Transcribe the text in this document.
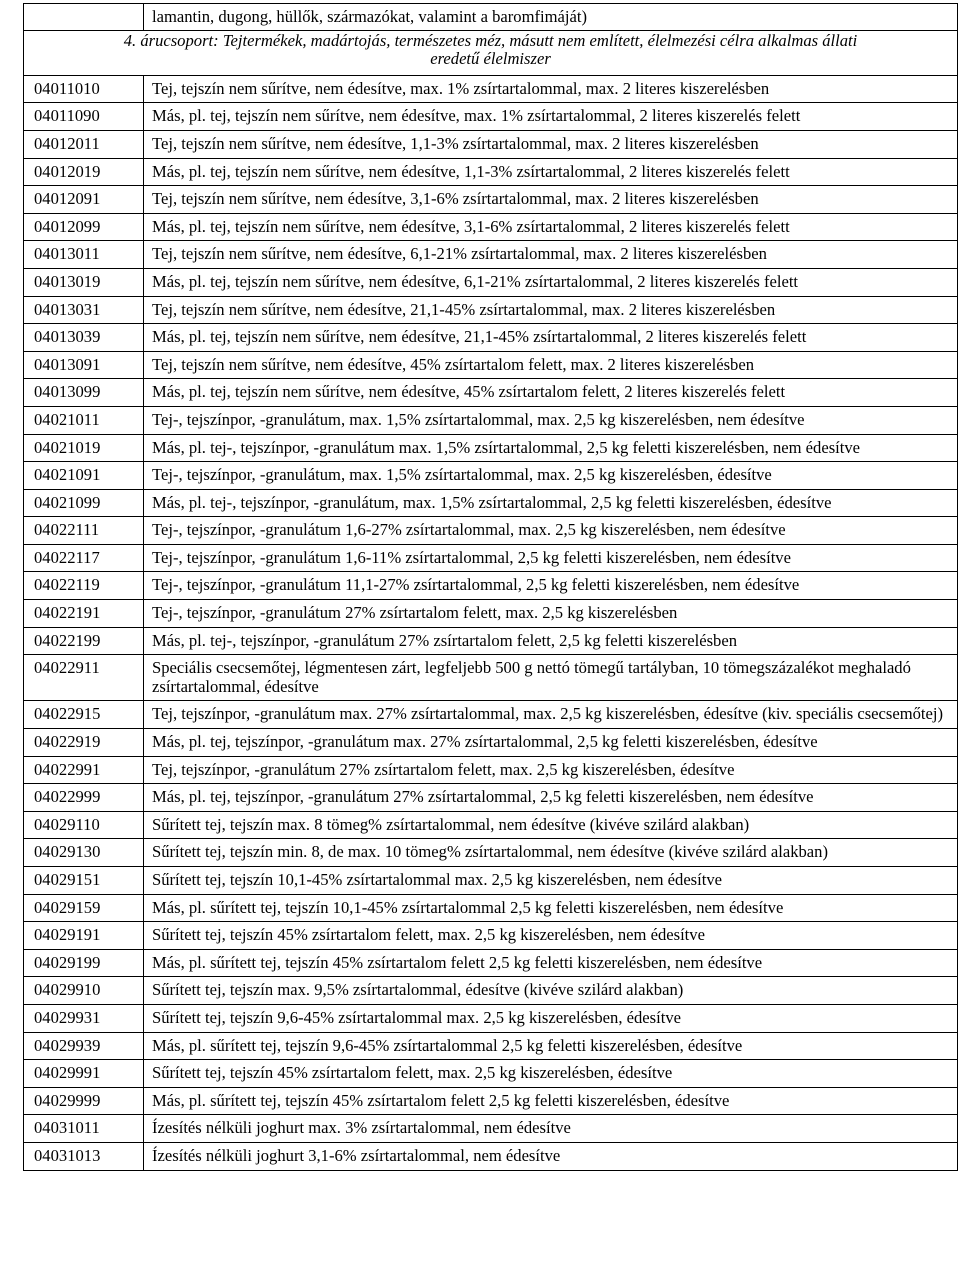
	lamantin, dugong, hüllők, származókat, valamint a baromfimáját)

4. árucsoport: Tejtermékek, madártojás, természetes méz, másutt nem említett, élelmezési célra alkalmas állati
eredetű élelmiszer	

04011010	Tej, tejszín nem sűrítve, nem édesítve, max. 1% zsírtartalommal, max. 2 literes kiszerelésben
04011090	Más, pl. tej, tejszín nem sűrítve, nem édesítve, max. 1% zsírtartalommal, 2 literes kiszerelés felett
04012011	Tej, tejszín nem sűrítve, nem édesítve, 1,1-3% zsírtartalommal, max. 2 literes kiszerelésben
04012019	Más, pl. tej, tejszín nem sűrítve, nem édesítve, 1,1-3% zsírtartalommal, 2 literes kiszerelés felett
04012091	Tej, tejszín nem sűrítve, nem édesítve, 3,1-6% zsírtartalommal, max. 2 literes kiszerelésben
04012099	Más, pl. tej, tejszín nem sűrítve, nem édesítve, 3,1-6% zsírtartalommal, 2 literes kiszerelés felett
04013011	Tej, tejszín nem sűrítve, nem édesítve, 6,1-21% zsírtartalommal, max. 2 literes kiszerelésben
04013019	Más, pl. tej, tejszín nem sűrítve, nem édesítve, 6,1-21% zsírtartalommal, 2 literes kiszerelés felett
04013031	Tej, tejszín nem sűrítve, nem édesítve, 21,1-45% zsírtartalommal, max. 2 literes kiszerelésben
04013039	Más, pl. tej, tejszín nem sűrítve, nem édesítve, 21,1-45% zsírtartalommal, 2 literes kiszerelés felett
04013091	Tej, tejszín nem sűrítve, nem édesítve, 45% zsírtartalom felett, max. 2 literes kiszerelésben
04013099	Más, pl. tej, tejszín nem sűrítve, nem édesítve, 45% zsírtartalom felett, 2 literes kiszerelés felett
04021011	Tej-, tejszínpor, -granulátum, max. 1,5% zsírtartalommal, max. 2,5 kg kiszerelésben, nem édesítve
04021019	Más, pl. tej-, tejszínpor, -granulátum max. 1,5% zsírtartalommal, 2,5 kg feletti kiszerelésben, nem édesítve
04021091	Tej-, tejszínpor, -granulátum, max. 1,5% zsírtartalommal, max. 2,5 kg kiszerelésben, édesítve
04021099	Más, pl. tej-, tejszínpor, -granulátum, max. 1,5% zsírtartalommal, 2,5 kg feletti kiszerelésben, édesítve
04022111	Tej-, tejszínpor, -granulátum 1,6-27% zsírtartalommal, max. 2,5 kg kiszerelésben, nem édesítve
04022117	Tej-, tejszínpor, -granulátum 1,6-11% zsírtartalommal, 2,5 kg feletti kiszerelésben, nem édesítve
04022119	Tej-, tejszínpor, -granulátum 11,1-27% zsírtartalommal, 2,5 kg feletti kiszerelésben, nem édesítve
04022191	Tej-, tejszínpor, -granulátum 27% zsírtartalom felett, max. 2,5 kg kiszerelésben
04022199	Más, pl. tej-, tejszínpor, -granulátum 27% zsírtartalom felett, 2,5 kg feletti kiszerelésben
04022911	Speciális csecsemőtej, légmentesen zárt, legfeljebb 500 g nettó tömegű tartályban, 10 tömegszázalékot meghaladó zsírtartalommal, édesítve
04022915	Tej, tejszínpor, -granulátum max. 27% zsírtartalommal, max. 2,5 kg kiszerelésben, édesítve (kiv. speciális csecsemőtej)
04022919	Más, pl. tej, tejszínpor, -granulátum max. 27% zsírtartalommal, 2,5 kg feletti kiszerelésben, édesítve
04022991	Tej, tejszínpor, -granulátum 27% zsírtartalom felett, max. 2,5 kg kiszerelésben, édesítve
04022999	Más, pl. tej, tejszínpor, -granulátum 27% zsírtartalommal, 2,5 kg feletti kiszerelésben, nem édesítve
04029110	Sűrített tej, tejszín max. 8 tömeg% zsírtartalommal, nem édesítve (kivéve szilárd alakban)
04029130	Sűrített tej, tejszín min. 8, de max. 10 tömeg% zsírtartalommal, nem édesítve (kivéve szilárd alakban)
04029151	Sűrített tej, tejszín 10,1-45% zsírtartalommal max. 2,5 kg kiszerelésben, nem édesítve
04029159	Más, pl. sűrített tej, tejszín 10,1-45% zsírtartalommal 2,5 kg feletti kiszerelésben, nem édesítve
04029191	Sűrített tej, tejszín 45% zsírtartalom felett, max. 2,5 kg kiszerelésben, nem édesítve
04029199	Más, pl. sűrített tej, tejszín 45% zsírtartalom felett 2,5 kg feletti kiszerelésben, nem édesítve
04029910	Sűrített tej, tejszín max. 9,5% zsírtartalommal, édesítve (kivéve szilárd alakban)
04029931	Sűrített tej, tejszín 9,6-45% zsírtartalommal max. 2,5 kg kiszerelésben, édesítve
04029939	Más, pl. sűrített tej, tejszín 9,6-45% zsírtartalommal 2,5 kg feletti kiszerelésben, édesítve
04029991	Sűrített tej, tejszín 45% zsírtartalom felett, max. 2,5 kg kiszerelésben, édesítve
04029999	Más, pl. sűrített tej, tejszín 45% zsírtartalom felett 2,5 kg feletti kiszerelésben, édesítve
04031011	Ízesítés nélküli joghurt max. 3% zsírtartalommal, nem édesítve
04031013	Ízesítés nélküli joghurt 3,1-6% zsírtartalommal, nem édesítve
